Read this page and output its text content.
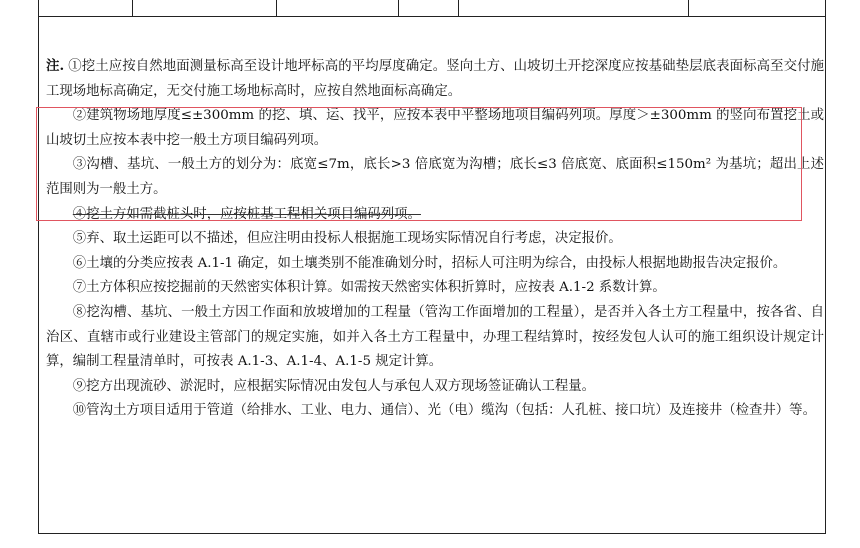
注. ①挖土应按自然地面测量标高至设计地坪标高的平均厚度确定。竖向土方、山坡切土开挖深度应按基础垫层底表面标高至交付施工现场地标高确定，无交付施工场地标高时，应按自然地面标高确定。

②建筑物场地厚度≤±300mm 的挖、填、运、找平，应按本表中平整场地项目编码列项。厚度＞±300mm 的竖向布置挖土或山坡切土应按本表中挖一般土方项目编码列项。

③沟槽、基坑、一般土方的划分为：底宽≤7m，底长>3 倍底宽为沟槽；底长≤3 倍底宽、底面积≤150m² 为基坑；超出上述范围则为一般土方。

④挖土方如需截桩头时，应按桩基工程相关项目编码列项。

⑤弃、取土运距可以不描述，但应注明由投标人根据施工现场实际情况自行考虑，决定报价。

⑥土壤的分类应按表 A.1-1 确定，如土壤类别不能准确划分时，招标人可注明为综合，由投标人根据地勘报告决定报价。

⑦土方体积应按挖掘前的天然密实体积计算。如需按天然密实体积折算时，应按表 A.1-2 系数计算。

⑧挖沟槽、基坑、一般土方因工作面和放坡增加的工程量（管沟工作面增加的工程量），是否并入各土方工程量中，按各省、自治区、直辖市或行业建设主管部门的规定实施，如并入各土方工程量中，办理工程结算时，按经发包人认可的施工组织设计规定计算，编制工程量清单时，可按表 A.1-3、A.1-4、A.1-5 规定计算。

⑨挖方出现流砂、淤泥时，应根据实际情况由发包人与承包人双方现场签证确认工程量。

⑩管沟土方项目适用于管道（给排水、工业、电力、通信）、光（电）缆沟（包括：人孔桩、接口坑）及连接井（检查井）等。
